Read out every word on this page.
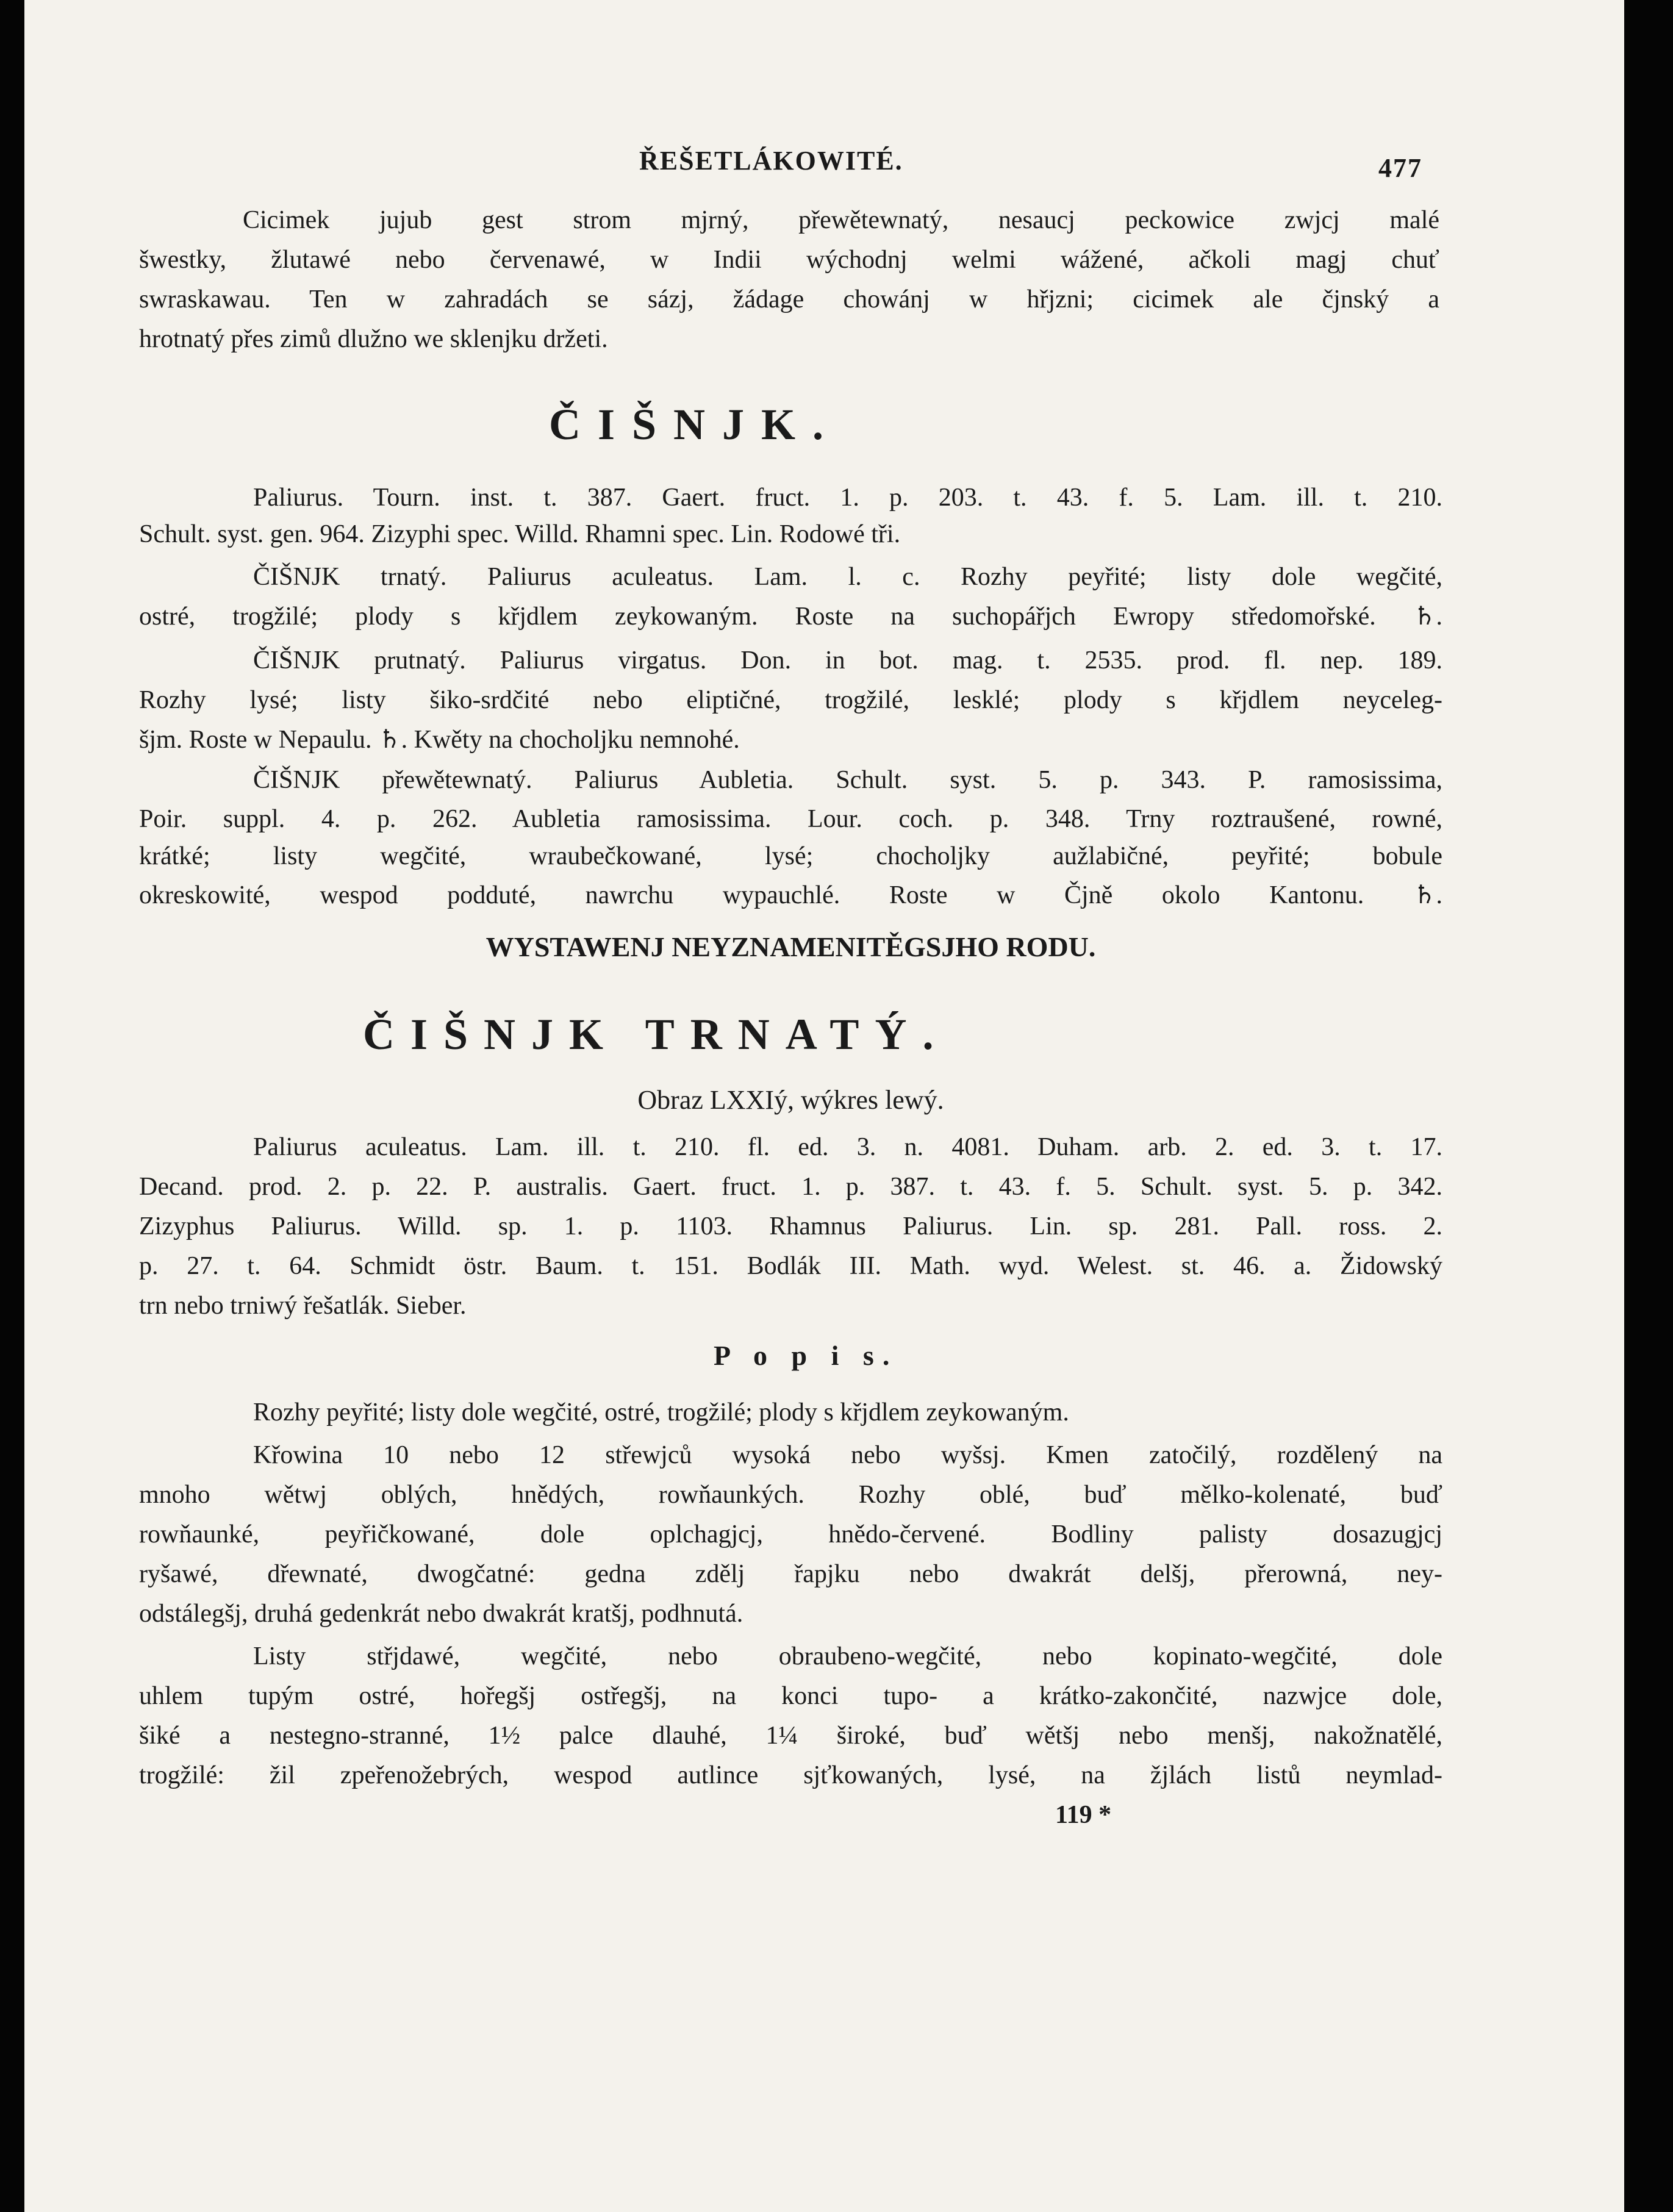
ŘEŠETLÁKOWITÉ.	477
Cicimek jujub gest strom mjrný, přewětewnatý, nesaucj peckowice zwjcj malé
šwestky, žlutawé nebo červenawé, w Indii wýchodnj welmi wážené, ačkoli magj chuť
swraskawau. Ten w zahradách se sázj, žádage chowánj w hřjzni; cicimek ale čjnský a
hrotnatý přes zimů dlužno we sklenjku držeti.
ČIŠNJK.
Paliurus. Tourn. inst. t. 387. Gaert. fruct. 1. p. 203. t. 43. f. 5. Lam. ill. t. 210.
Schult. syst. gen. 964. Zizyphi spec. Willd. Rhamni spec. Lin. Rodowé tři.
ČIŠNJK trnatý. Paliurus aculeatus. Lam. l. c. Rozhy peyřité; listy dole wegčité,
ostré, trogžilé; plody s křjdlem zeykowaným. Roste na suchopářjch Ewropy středomořské. ♄.
ČIŠNJK prutnatý. Paliurus virgatus. Don. in bot. mag. t. 2535. prod. fl. nep. 189.
Rozhy lysé; listy šiko-srdčité nebo eliptičné, trogžilé, lesklé; plody s křjdlem neyceleg-
šjm. Roste w Nepaulu. ♄. Kwěty na chocholjku nemnohé.
ČIŠNJK přewětewnatý. Paliurus Aubletia. Schult. syst. 5. p. 343. P. ramosissima,
Poir. suppl. 4. p. 262. Aubletia ramosissima. Lour. coch. p. 348. Trny roztraušené, rowné,
krátké; listy wegčité, wraubečkowané, lysé; chocholjky aužlabičné, peyřité; bobule
okreskowité, wespod podduté, nawrchu wypauchlé. Roste w Čjně okolo Kantonu. ♄.
WYSTAWENJ NEYZNAMENITĚGSJHO RODU.
ČIŠNJK TRNATÝ.
Obraz LXXIý, wýkres lewý.
Paliurus aculeatus. Lam. ill. t. 210. fl. ed. 3. n. 4081. Duham. arb. 2. ed. 3. t. 17.
Decand. prod. 2. p. 22. P. australis. Gaert. fruct. 1. p. 387. t. 43. f. 5. Schult. syst. 5. p. 342.
Zizyphus Paliurus. Willd. sp. 1. p. 1103. Rhamnus Paliurus. Lin. sp. 281. Pall. ross. 2.
p. 27. t. 64. Schmidt östr. Baum. t. 151. Bodlák III. Math. wyd. Welest. st. 46. a. Židowský
trn nebo trniwý řešatlák. Sieber.
P o p i s.
Rozhy peyřité; listy dole wegčité, ostré, trogžilé; plody s křjdlem zeykowaným.
Křowina 10 nebo 12 střewjců wysoká nebo wyšsj. Kmen zatočilý, rozdělený na
mnoho wětwj oblých, hnědých, rowňaunkých. Rozhy oblé, buď mělko-kolenaté, buď
rowňaunké, peyřičkowané, dole oplchagjcj, hnědo-červené. Bodliny palisty dosazugjcj
ryšawé, dřewnaté, dwogčatné: gedna zdělj řapjku nebo dwakrát delšj, přerowná, ney-
odstálegšj, druhá gedenkrát nebo dwakrát kratšj, podhnutá.
Listy střjdawé, wegčité, nebo obraubeno-wegčité, nebo kopinato-wegčité, dole
uhlem tupým ostré, hořegšj ostřegšj, na konci tupo- a krátko-zakončité, nazwjce dole,
šiké a nestegno-stranné, 1½ palce dlauhé, 1¼ široké, buď wětšj nebo menšj, nakožnatělé,
trogžilé: žil zpeřenožebrých, wespod autlince sjťkowaných, lysé, na žjlách listů neymlad-
119 *
